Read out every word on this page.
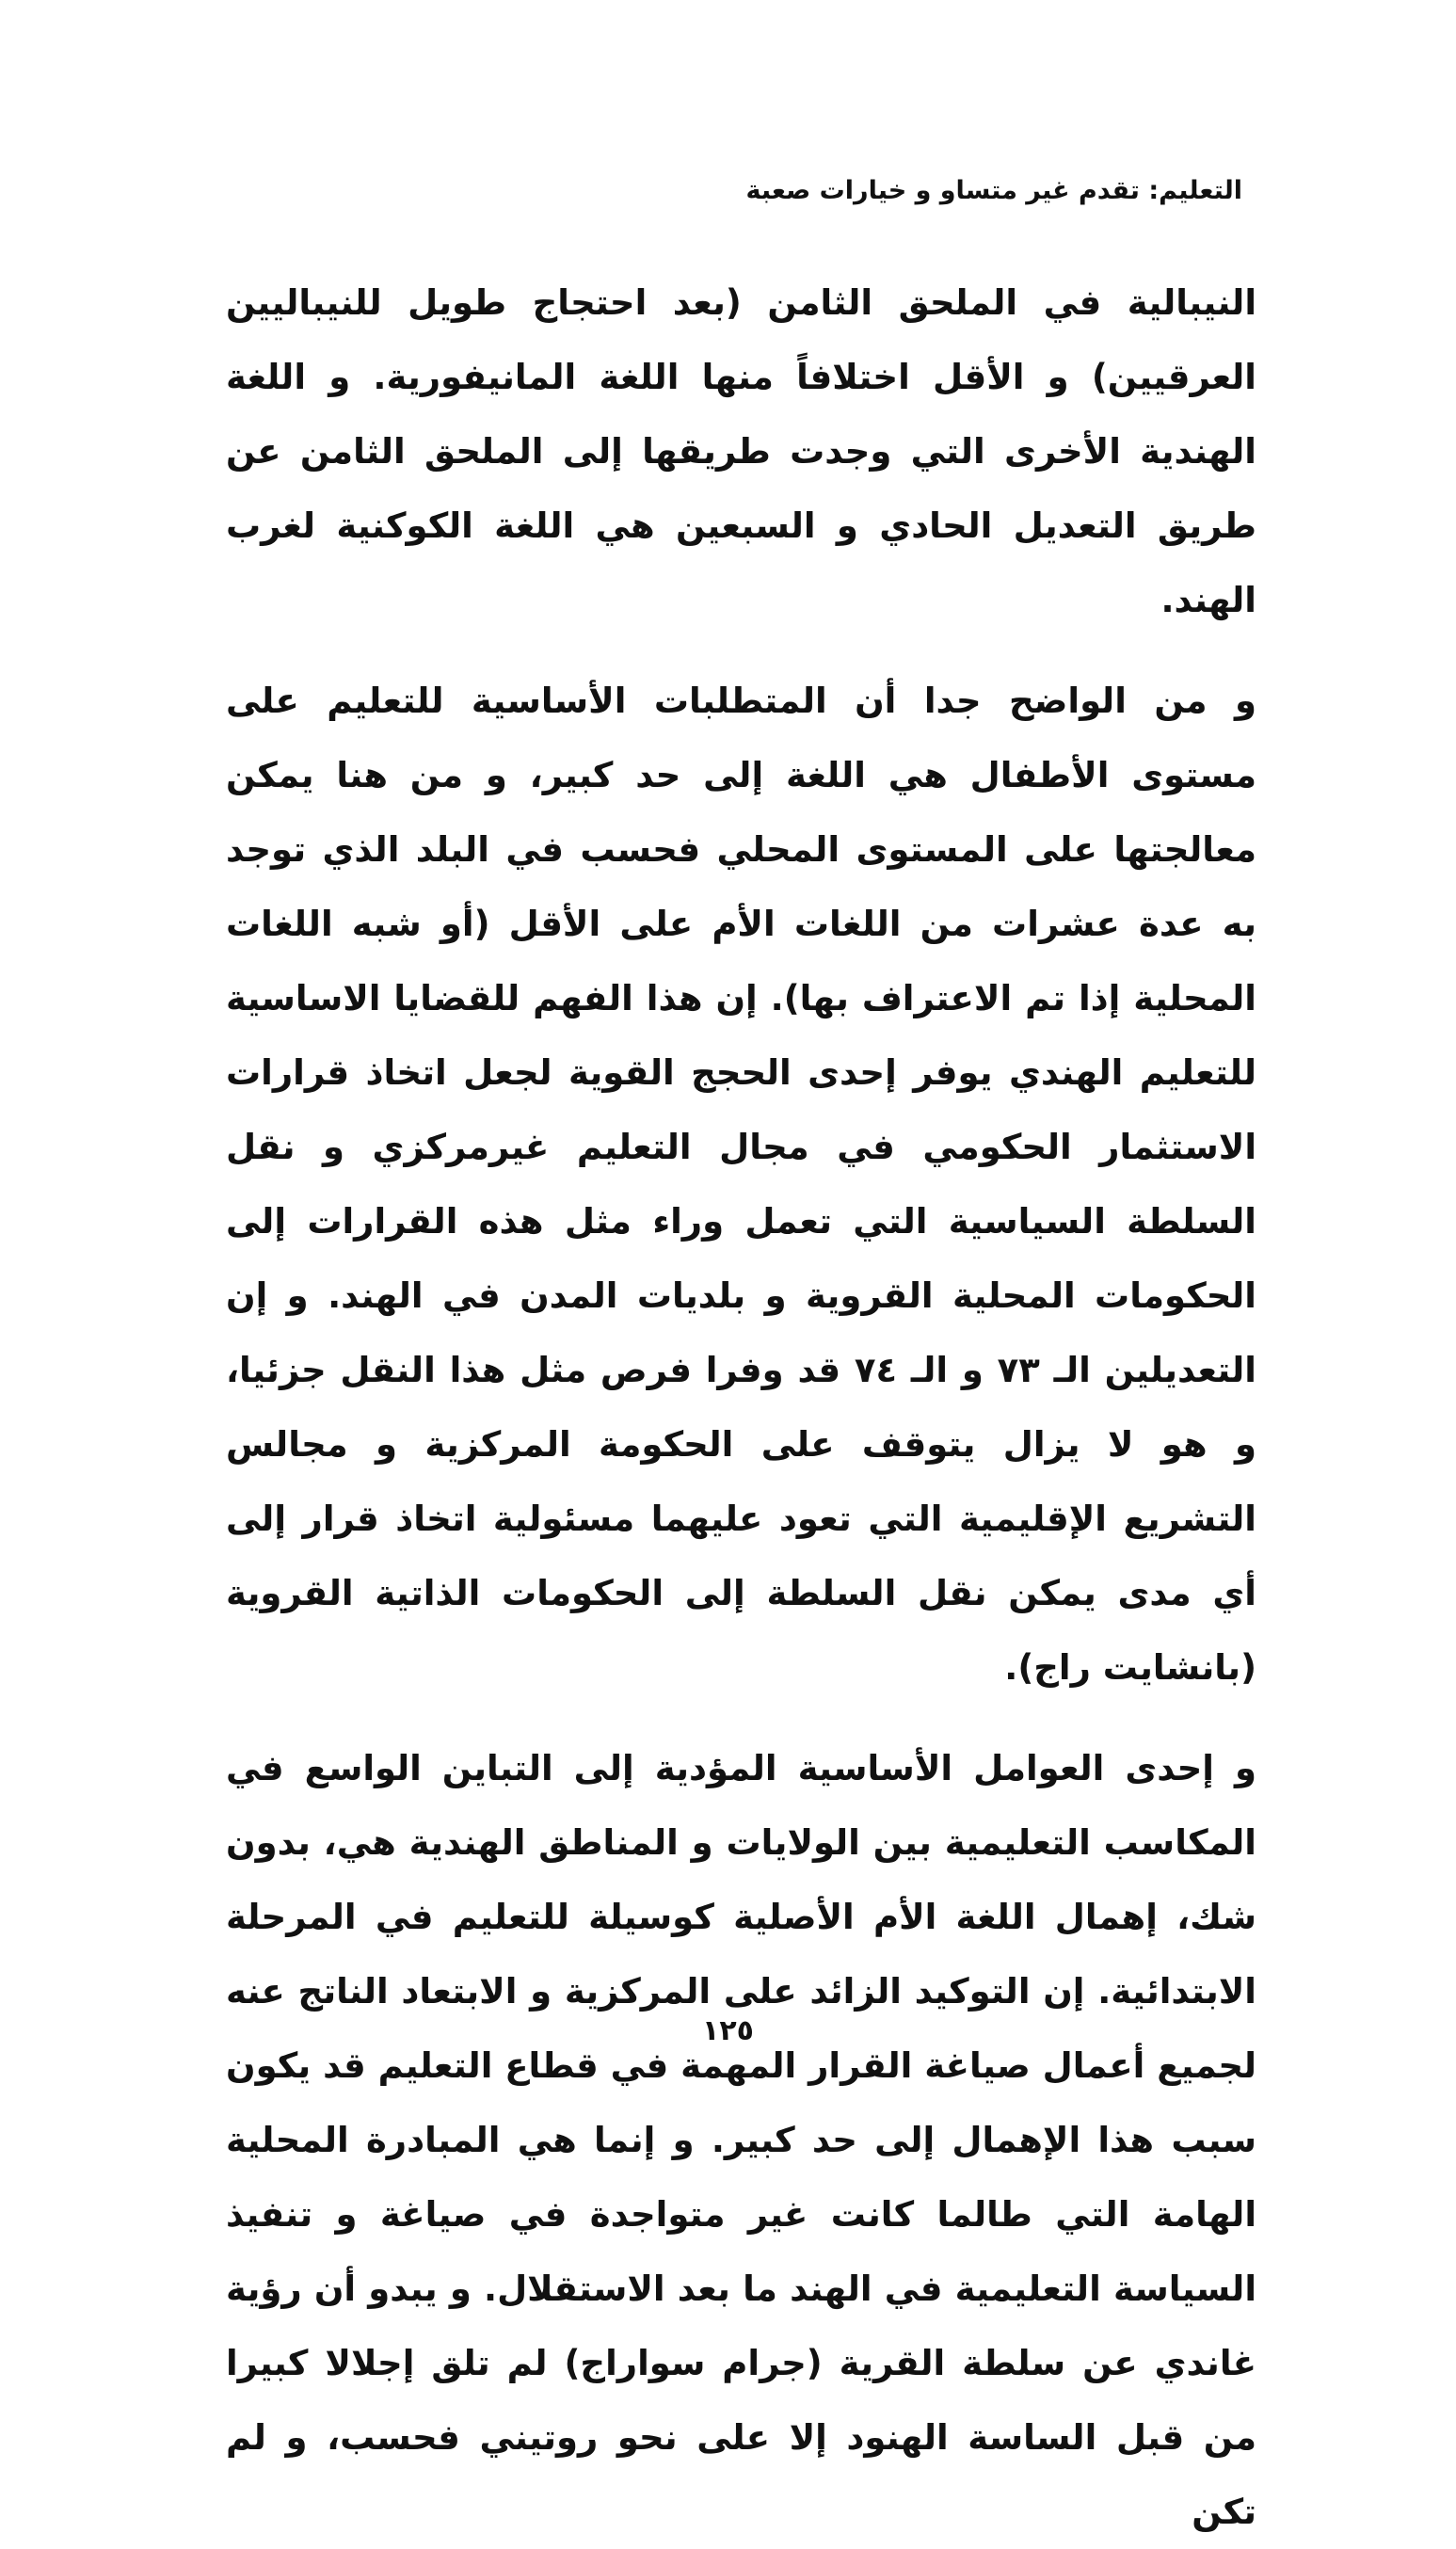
التعليم: تقدم غير متساو و خيارات صعبة

النيبالية في الملحق الثامن (بعد احتجاج طويل للنيباليين العرقيين) و الأقل اختلافاً منها اللغة المانيفورية. و اللغة الهندية الأخرى التي وجدت طريقها إلى الملحق الثامن عن طريق التعديل الحادي و السبعين هي اللغة الكوكنية لغرب الهند.

و من الواضح جدا أن المتطلبات الأساسية للتعليم على مستوى الأطفال هي اللغة إلى حد كبير، و من هنا يمكن معالجتها على المستوى المحلي فحسب في البلد الذي توجد به عدة عشرات من اللغات الأم على الأقل (أو شبه اللغات المحلية إذا تم الاعتراف بها). إن هذا الفهم للقضايا الاساسية للتعليم الهندي يوفر إحدى الحجج القوية لجعل اتخاذ قرارات الاستثمار الحكومي في مجال التعليم غيرمركزي و نقل السلطة السياسية التي تعمل وراء مثل هذه القرارات إلى الحكومات المحلية القروية و بلديات المدن في الهند. و إن التعديلين الـ ٧٣ و الـ ٧٤ قد وفرا فرص مثل هذا النقل جزئيا، و هو لا يزال يتوقف على الحكومة المركزية و مجالس التشريع الإقليمية التي تعود عليهما مسئولية اتخاذ قرار إلى أي مدى يمكن نقل السلطة إلى الحكومات الذاتية القروية (بانشايت راج).

و إحدى العوامل الأساسية المؤدية إلى التباين الواسع في المكاسب التعليمية بين الولايات و المناطق الهندية هي، بدون شك، إهمال اللغة الأم الأصلية كوسيلة للتعليم في المرحلة الابتدائية. إن التوكيد الزائد على المركزية و الابتعاد الناتج عنه لجميع أعمال صياغة القرار المهمة في قطاع التعليم قد يكون سبب هذا الإهمال إلى حد كبير. و إنما هي المبادرة المحلية الهامة التي طالما كانت غير متواجدة في صياغة و تنفيذ السياسة التعليمية في الهند ما بعد الاستقلال. و يبدو أن رؤية غاندي عن سلطة القرية (جرام سواراج) لم تلق إجلالا كبيرا من قبل الساسة الهنود إلا على نحو روتيني فحسب، و لم تكن

١٢٥
